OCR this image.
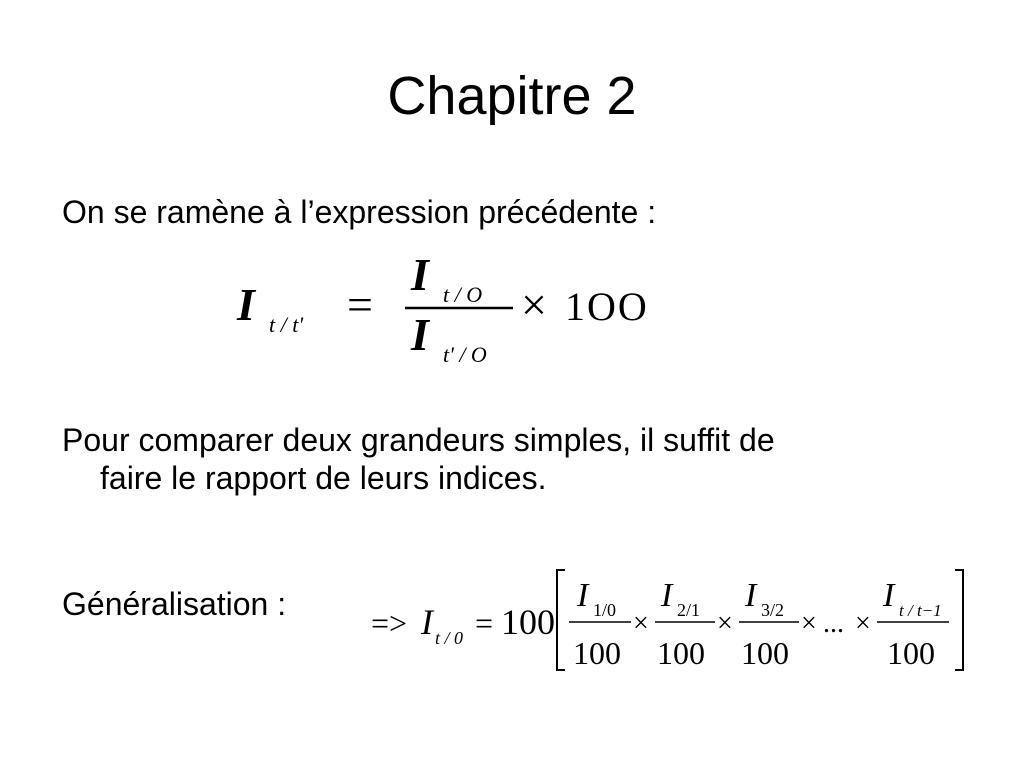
Chapitre 2
On se ramène à l’expression précédente :
I t / t' =
I t / O
I t' / O
× 1OO
Pour comparer deux grandeurs simples, il suffit de
faire le rapport de leurs indices.
Généralisation :
=> I t / 0 = 100
I 1/0
100
×
I 2/1
100
×
I 3/2
100
× ... ×
I t / t−1
100
